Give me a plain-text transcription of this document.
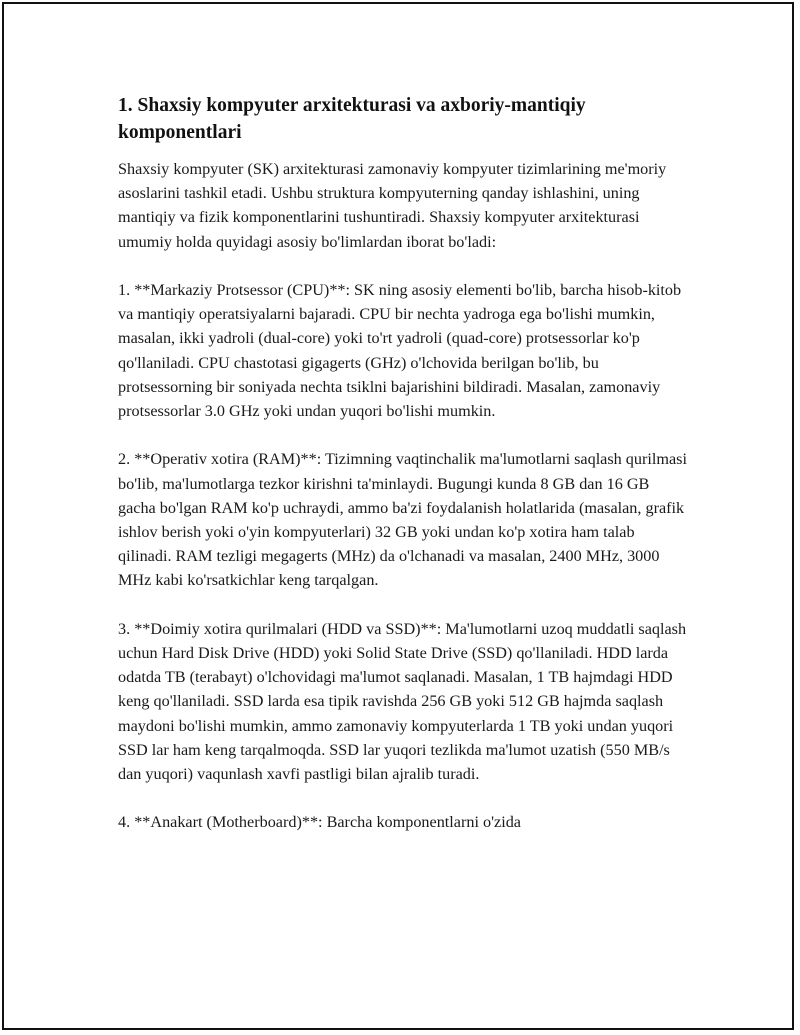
1. Shaxsiy kompyuter arxitekturasi va axboriy-mantiqiy komponentlari

Shaxsiy kompyuter (SK) arxitekturasi zamonaviy kompyuter tizimlarining me'moriy asoslarini tashkil etadi. Ushbu struktura kompyuterning qanday ishlashini, uning mantiqiy va fizik komponentlarini tushuntiradi. Shaxsiy kompyuter arxitekturasi umumiy holda quyidagi asosiy bo'limlardan iborat bo'ladi:

1. **Markaziy Protsessor (CPU)**: SK ning asosiy elementi bo'lib, barcha hisob-kitob va mantiqiy operatsiyalarni bajaradi. CPU bir nechta yadroga ega bo'lishi mumkin, masalan, ikki yadroli (dual-core) yoki to'rt yadroli (quad-core) protsessorlar ko'p qo'llaniladi. CPU chastotasi gigagerts (GHz) o'lchovida berilgan bo'lib, bu protsessorning bir soniyada nechta tsiklni bajarishini bildiradi. Masalan, zamonaviy protsessorlar 3.0 GHz yoki undan yuqori bo'lishi mumkin.

2. **Operativ xotira (RAM)**: Tizimning vaqtinchalik ma'lumotlarni saqlash qurilmasi bo'lib, ma'lumotlarga tezkor kirishni ta'minlaydi. Bugungi kunda 8 GB dan 16 GB gacha bo'lgan RAM ko'p uchraydi, ammo ba'zi foydalanish holatlarida (masalan, grafik ishlov berish yoki o'yin kompyuterlari) 32 GB yoki undan ko'p xotira ham talab qilinadi. RAM tezligi megagerts (MHz) da o'lchanadi va masalan, 2400 MHz, 3000 MHz kabi ko'rsatkichlar keng tarqalgan.

3. **Doimiy xotira qurilmalari (HDD va SSD)**: Ma'lumotlarni uzoq muddatli saqlash uchun Hard Disk Drive (HDD) yoki Solid State Drive (SSD) qo'llaniladi. HDD larda odatda TB (terabayt) o'lchovidagi ma'lumot saqlanadi. Masalan, 1 TB hajmdagi HDD keng qo'llaniladi. SSD larda esa tipik ravishda 256 GB yoki 512 GB hajmda saqlash maydoni bo'lishi mumkin, ammo zamonaviy kompyuterlarda 1 TB yoki undan yuqori SSD lar ham keng tarqalmoqda. SSD lar yuqori tezlikda ma'lumot uzatish (550 MB/s dan yuqori) vaqunlash xavfi pastligi bilan ajralib turadi.

4. **Anakart (Motherboard)**: Barcha komponentlarni o'zida
